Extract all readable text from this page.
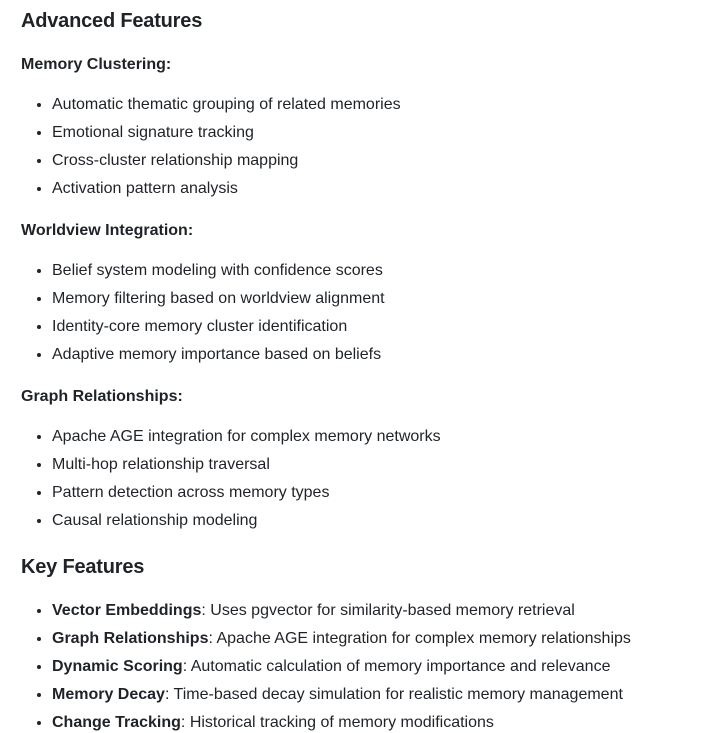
Advanced Features

Memory Clustering:

• Automatic thematic grouping of related memories
• Emotional signature tracking
• Cross-cluster relationship mapping
• Activation pattern analysis

Worldview Integration:

• Belief system modeling with confidence scores
• Memory filtering based on worldview alignment
• Identity-core memory cluster identification
• Adaptive memory importance based on beliefs

Graph Relationships:

• Apache AGE integration for complex memory networks
• Multi-hop relationship traversal
• Pattern detection across memory types
• Causal relationship modeling
Key Features
• Vector Embeddings: Uses pgvector for similarity-based memory retrieval
• Graph Relationships: Apache AGE integration for complex memory relationships
• Dynamic Scoring: Automatic calculation of memory importance and relevance
• Memory Decay: Time-based decay simulation for realistic memory management
• Change Tracking: Historical tracking of memory modifications
